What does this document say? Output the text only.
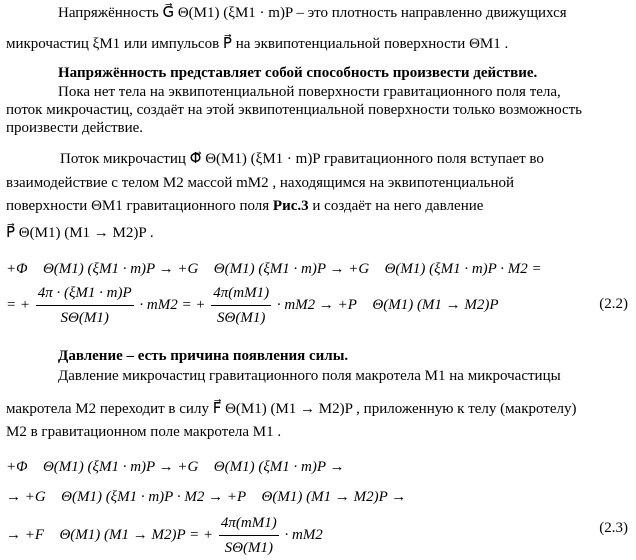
Напряжённость G⃗ Θ(M1) (ξM1 · m)P – это плотность направленно движущихся
микрочастиц ξM1 или импульсов P⃗ на эквипотенциальной поверхности ΘM1 .
Напряжённость представляет собой способность произвести действие.
Пока нет тела на эквипотенциальной поверхности гравитационного поля тела,
поток микрочастиц, создаёт на этой эквипотенциальной поверхности только возможность
произвести действие.
Поток микрочастиц Φ⃗ Θ(M1) (ξM1 · m)P гравитационного поля вступает во
взаимодействие с телом M2 массой mM2 , находящимся на эквипотенциальной
поверхности ΘM1 гравитационного поля Рис.3 и создаёт на него давление
P⃗ Θ(M1) (M1 → M2)P .
+Φ⃗ Θ(M1) (ξM1 · m)P → +G⃗ Θ(M1) (ξM1 · m)P → +G⃗ Θ(M1) (ξM1 · m)P · M2 =
= + $\frac{4\pi \cdot (\xi M1 \cdot m)P}{S\Theta(M1)} \cdot mM2$ = + $\frac{4\pi(mM1)}{S\Theta(M1)} \cdot mM2$ → +P⃗ Θ(M1) (M1 → M2)P	(2.2)
Давление – есть причина появления силы.
Давление микрочастиц гравитационного поля макротела M1 на микрочастицы
макротела M2 переходит в силу F⃗ Θ(M1) (M1 → M2)P , приложенную к телу (макротелу)
M2 в гравитационном поле макротела M1 .
+Φ⃗ Θ(M1) (ξM1 · m)P → +G⃗ Θ(M1) (ξM1 · m)P →
→ +G⃗ Θ(M1) (ξM1 · m)P · M2 → +P⃗ Θ(M1) (M1 → M2)P →
→ +F⃗ Θ(M1) (M1 → M2)P = + $\frac{4\pi(mM1)}{S\Theta(M1)} \cdot mM2$	(2.3)
